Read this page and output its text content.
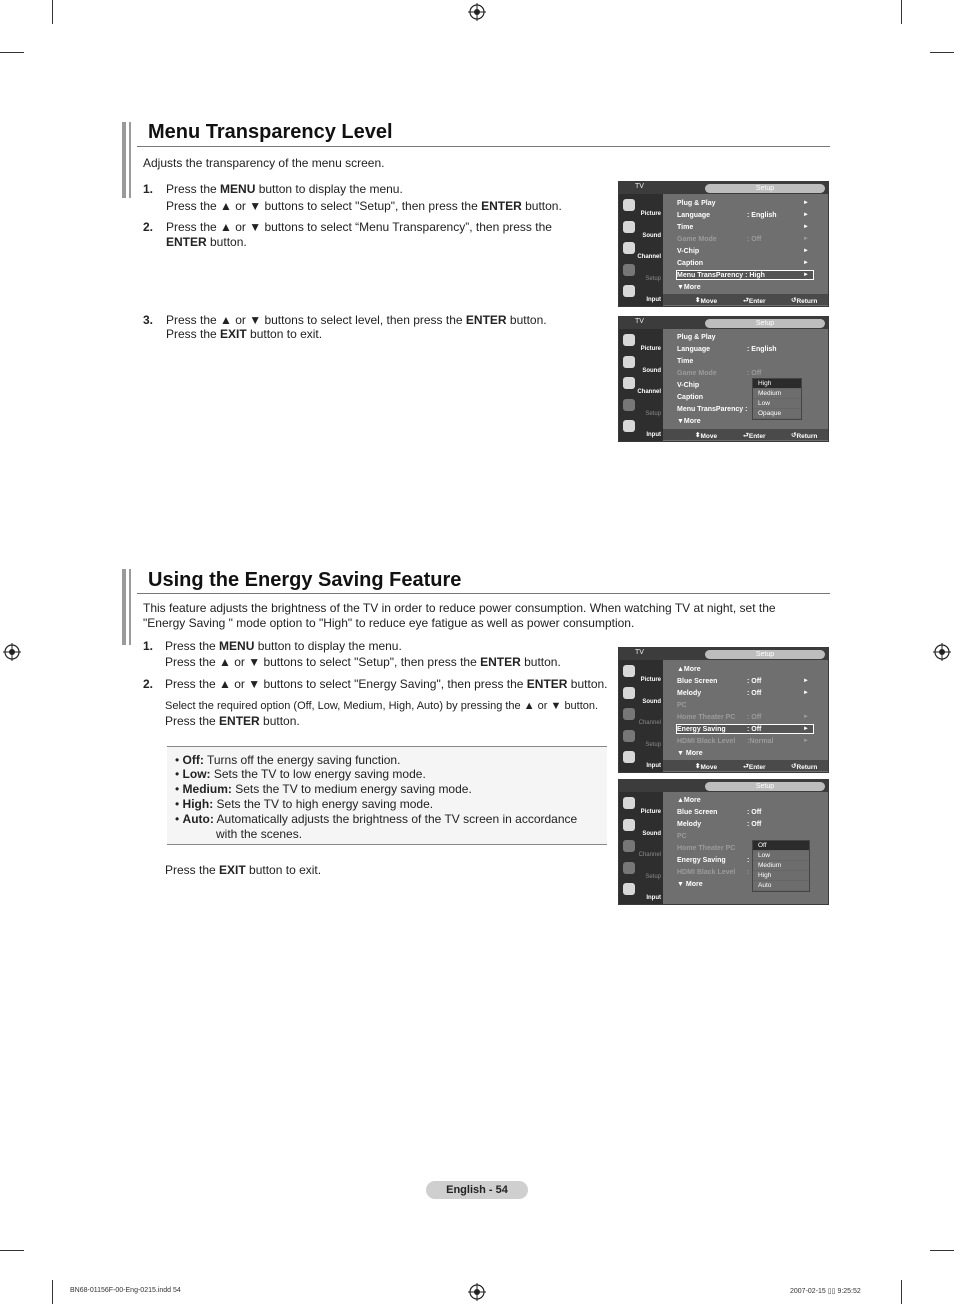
Menu Transparency Level
Adjusts the transparency of the menu screen.
1. Press the MENU button to display the menu.
Press the ▲ or ▼ buttons to select "Setup", then press the ENTER button.
2. Press the ▲ or ▼ buttons to select “Menu Transparency”, then press the ENTER button.
3. Press the ▲ or ▼ buttons to select level, then press the ENTER button.
Press the EXIT button to exit.
Using the Energy Saving Feature
This feature adjusts the brightness of the TV in order to reduce power consumption. When watching TV at night, set the
"Energy Saving " mode option to "High" to reduce eye fatigue as well as power consumption.
1. Press the MENU button to display the menu.
Press the ▲ or ▼ buttons to select "Setup", then press the ENTER button.
2. Press the ▲ or ▼ buttons to select "Energy Saving", then press the ENTER button.
Select the required option (Off, Low, Medium, High, Auto) by pressing the ▲ or ▼ button.
Press the ENTER button.
• Off: Turns off the energy saving function.
• Low: Sets the TV to low energy saving mode.
• Medium: Sets the TV to medium energy saving mode.
• High: Sets the TV to high energy saving mode.
• Auto: Automatically adjusts the brightness of the TV screen in accordance
with the scenes.
Press the EXIT button to exit.
TV	Setup
Picture
Sound
Channel
Setup
Input
Plug & Play	►
Language	: English	►
Time	►
Game Mode	: Off	►
V-Chip	►
Caption	►
Menu TransParency : High	►
▼More
⬍ Move	⮐ Enter	↺ Return
TV	Setup
Picture
Sound
Channel
Setup
Input
Plug & Play
Language	: English
Time
Game Mode	: Off
V-Chip
Caption
Menu TransParency :
▼More
High
Medium
Low
Opaque
⬍ Move	⮐ Enter	↺ Return
TV	Setup
Picture
Sound
Channel
Setup
Input
▲More
Blue Screen	: Off	►
Melody	: Off	►
PC
Home Theater PC : Off	►
Energy Saving	: Off	►
HDMI Black Level :Normal	►
▼ More
⬍ Move	⮐ Enter	↺ Return
Setup
Picture
Sound
Channel
Setup
Input
▲More
Blue Screen	: Off
Melody	: Off
PC
Home Theater PC
Energy Saving	:
HDMI Black Level :
▼ More
Off
Low
Medium
High
Auto
English - 54
BN68-01156F-00-Eng-0215.indd 54	2007-02-15 ▯▯ 9:25:52
